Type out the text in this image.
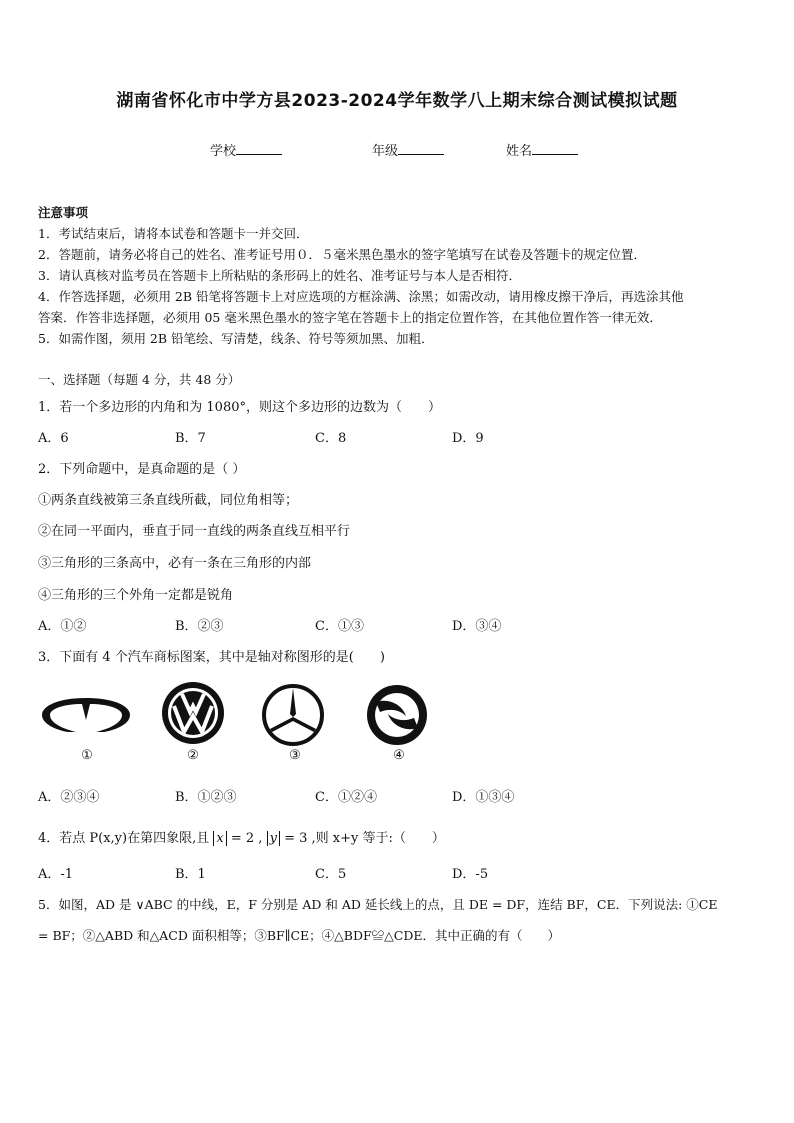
湖南省怀化市中学方县2023-2024学年数学八上期末综合测试模拟试题
学校	年级	姓名
注意事项
1．考试结束后，请将本试卷和答题卡一并交回．
2．答题前，请务必将自己的姓名、准考证号用０．５毫米黑色墨水的签字笔填写在试卷及答题卡的规定位置．
3．请认真核对监考员在答题卡上所粘贴的条形码上的姓名、准考证号与本人是否相符．
4．作答选择题，必须用 2B 铅笔将答题卡上对应选项的方框涂满、涂黑；如需改动，请用橡皮擦干净后，再选涂其他
答案．作答非选择题，必须用 05 毫米黑色墨水的签字笔在答题卡上的指定位置作答，在其他位置作答一律无效．
5．如需作图，须用 2B 铅笔绘、写清楚，线条、符号等须加黑、加粗．
一、选择题（每题 4 分，共 48 分）
1．若一个多边形的内角和为 1080°，则这个多边形的边数为（　　）
A．6	B．7	C．8	D．9
2．下列命题中，是真命题的是（ ）
①两条直线被第三条直线所截，同位角相等；
②在同一平面内，垂直于同一直线的两条直线互相平行
③三角形的三条高中，必有一条在三角形的内部
④三角形的三个外角一定都是锐角
A．①②	B．②③	C．①③	D．③④
3．下面有 4 个汽车商标图案，其中是轴对称图形的是(　　)
①	②	③	④
A．②③④	B．①②③	C．①②④	D．①③④
4．若点 P(x,y)在第四象限,且 x = 2 , y = 3 ,则 x+y 等于:（　　）
A．-1	B．1	C．5	D．-5
5．如图，AD 是 ∨ABC 的中线，E，F 分别是 AD 和 AD 延长线上的点，且 DE = DF，连结 BF，CE．下列说法: ①CE
= BF；②△ABD 和△ACD 面积相等；③BF∥CE；④△BDF≌△CDE．其中正确的有（　　）
